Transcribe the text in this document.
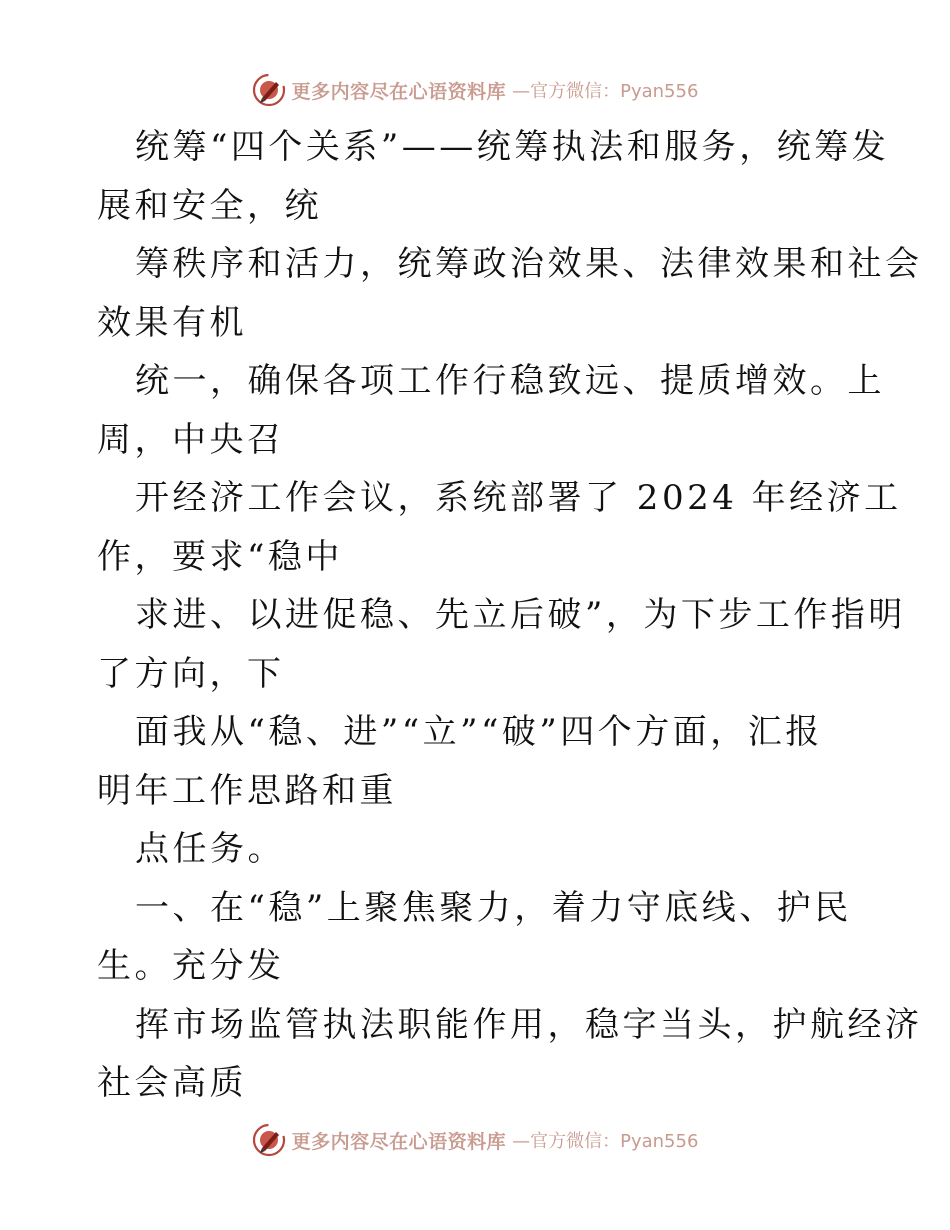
更多内容尽在心语资料库 —官方微信：Pyan556
统筹“四个关系”——统筹执法和服务，统筹发
展和安全，统
筹秩序和活力，统筹政治效果、法律效果和社会
效果有机
统一，确保各项工作行稳致远、提质增效。上
周，中央召
开经济工作会议，系统部署了 2024 年经济工
作，要求“稳中
求进、以进促稳、先立后破”，为下步工作指明
了方向，下
面我从“稳、进”“立”“破”四个方面，汇报
明年工作思路和重
点任务。
一、在“稳”上聚焦聚力，着力守底线、护民
生。充分发
挥市场监管执法职能作用，稳字当头，护航经济
社会高质
更多内容尽在心语资料库 —官方微信：Pyan556
